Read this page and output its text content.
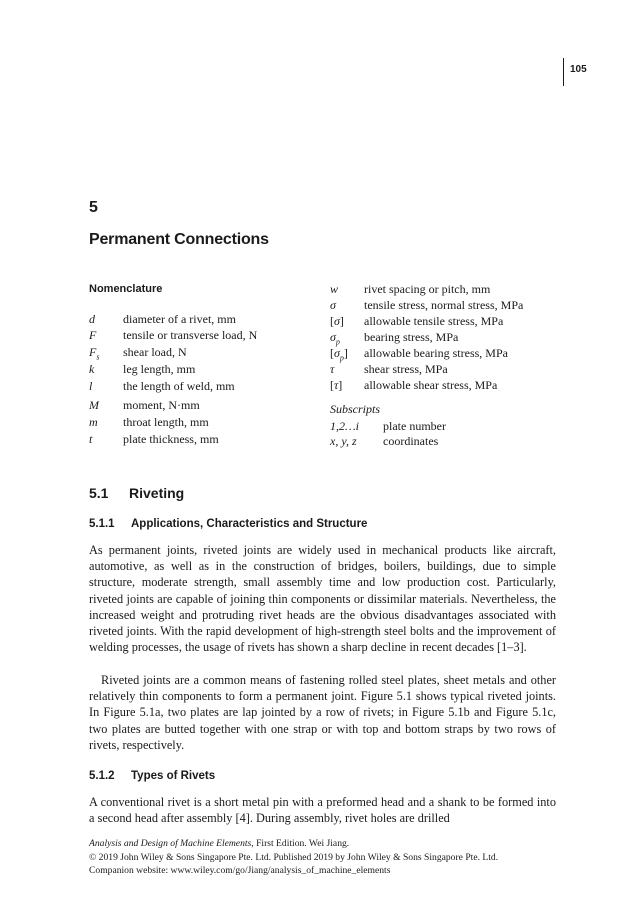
105
5
Permanent Connections
Nomenclature
d diameter of a rivet, mm
F tensile or transverse load, N
$F_s$ shear load, N
k leg length, mm
l	the length of weld, mm
M moment, N·mm
m throat length, mm
t	plate thickness, mm
w rivet spacing or pitch, mm
σ tensile stress, normal stress, MPa
[σ] allowable tensile stress, MPa
$\sigma_p$ bearing stress, MPa
$[\sigma_p]$ allowable bearing stress, MPa
τ shear stress, MPa
[τ] allowable shear stress, MPa
Subscripts
1,2…i plate number
x, y, z coordinates
5.1 Riveting
5.1.1 Applications, Characteristics and Structure

As permanent joints, riveted joints are widely used in mechanical products like aircraft, automotive, as well as in the construction of bridges, boilers, buildings, due to simple structure, moderate strength, small assembly time and low production cost. Particularly, riveted joints are capable of joining thin components or dissimilar materials. Nevertheless, the increased weight and protruding rivet heads are the obvious disadvantages associated with riveted joints. With the rapid development of high-strength steel bolts and the improvement of welding processes, the usage of rivets has shown a sharp decline in recent decades [1–3].

Riveted joints are a common means of fastening rolled steel plates, sheet metals and other relatively thin components to form a permanent joint. Figure 5.1 shows typical riveted joints. In Figure 5.1a, two plates are lap jointed by a row of rivets; in Figure 5.1b and Figure 5.1c, two plates are butted together with one strap or with top and bottom straps by two rows of rivets, respectively.

5.1.2 Types of Rivets

A conventional rivet is a short metal pin with a preformed head and a shank to be formed into a second head after assembly [4]. During assembly, rivet holes are drilled

Analysis and Design of Machine Elements, First Edition. Wei Jiang.
© 2019 John Wiley & Sons Singapore Pte. Ltd. Published 2019 by John Wiley & Sons Singapore Pte. Ltd.
Companion website: www.wiley.com/go/Jiang/analysis_of_machine_elements
